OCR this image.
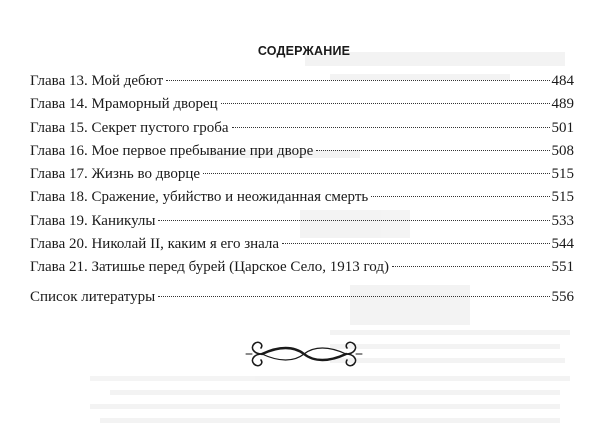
СОДЕРЖАНИЕ
Глава 13. Мой дебют	484
Глава 14. Мраморный дворец	489
Глава 15. Секрет пустого гроба	501
Глава 16. Мое первое пребывание при дворе	508
Глава 17. Жизнь во дворце	515
Глава 18. Сражение, убийство и неожиданная смерть	515
Глава 19. Каникулы	533
Глава 20. Николай II, каким я его знала	544
Глава 21. Затишье перед бурей (Царское Село, 1913 год)	551
Список литературы	556
